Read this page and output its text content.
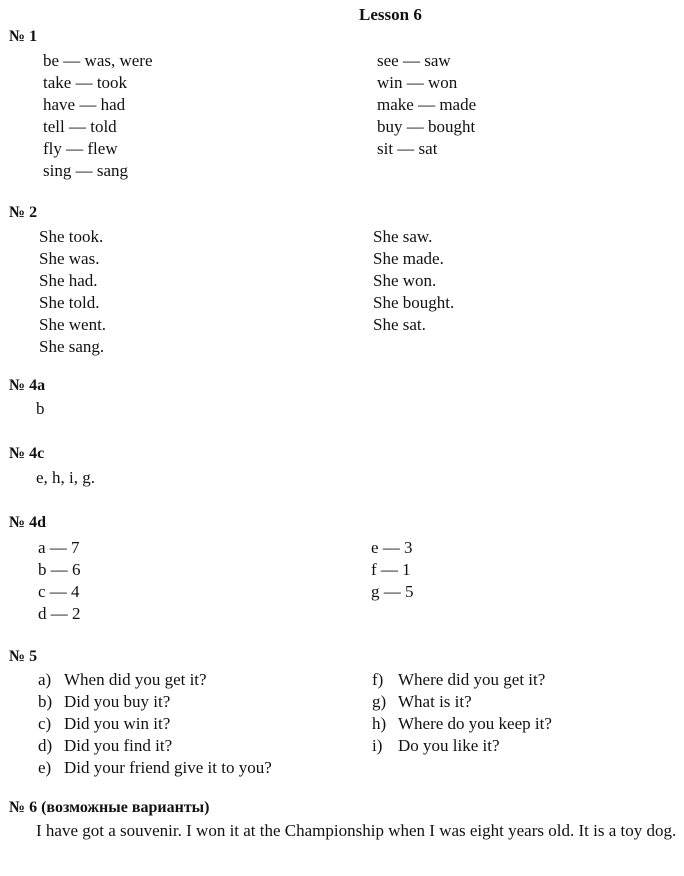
Lesson 6
№ 1
be — was, were
take — took
have — had
tell — told
fly — flew
sing — sang
see — saw
win — won
make — made
buy — bought
sit — sat
№ 2
She took.
She was.
She had.
She told.
She went.
She sang.
She saw.
She made.
She won.
She bought.
She sat.
№ 4a
b
№ 4c
e, h, i, g.
№ 4d
a — 7
b — 6
c — 4
d — 2
e — 3
f — 1
g — 5
№ 5
a) When did you get it?
b) Did you buy it?
c) Did you win it?
d) Did you find it?
e) Did your friend give it to you?
f) Where did you get it?
g) What is it?
h) Where do you keep it?
i) Do you like it?
№ 6 (возможные варианты)
I have got a souvenir. I won it at the Championship when I was eight years old. It is a toy dog.
